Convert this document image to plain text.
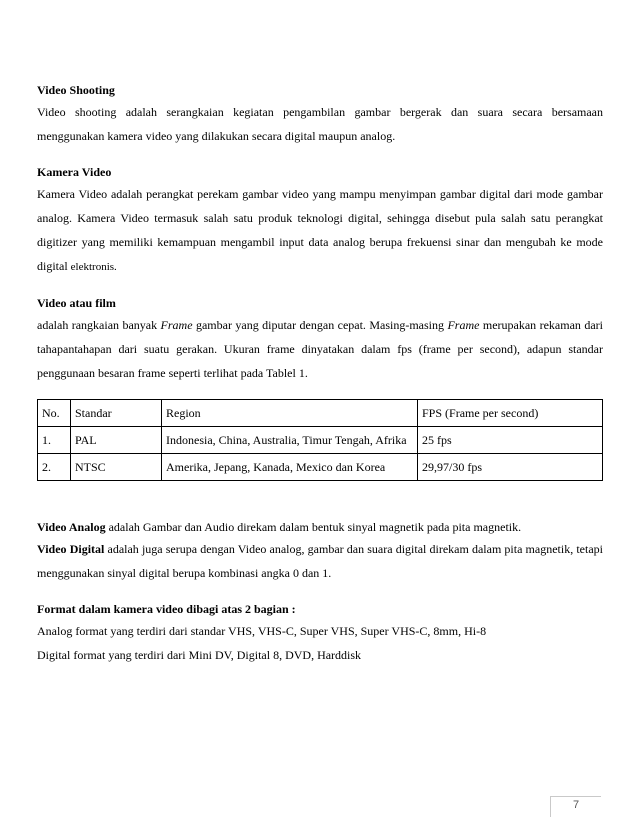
Video Shooting

Video shooting adalah serangkaian kegiatan pengambilan gambar bergerak dan suara secara bersamaan menggunakan kamera video yang dilakukan secara digital maupun analog.

Kamera Video

Kamera Video adalah perangkat perekam gambar video yang mampu menyimpan gambar digital dari mode gambar analog. Kamera Video termasuk salah satu produk teknologi digital, sehingga disebut pula salah satu perangkat digitizer yang memiliki kemampuan mengambil input data analog berupa frekuensi sinar dan mengubah ke mode digital elektronis.

Video atau film

adalah rangkaian banyak Frame gambar yang diputar dengan cepat. Masing-masing Frame merupakan rekaman dari tahapantahapan dari suatu gerakan. Ukuran frame dinyatakan dalam fps (frame per second), adapun standar penggunaan besaran frame seperti terlihat pada Tablel 1.

No.	Standar	Region	FPS (Frame per second)
1.	PAL	Indonesia, China, Australia, Timur Tengah, Afrika	25 fps
2.	NTSC	Amerika, Jepang, Kanada, Mexico dan Korea	29,97/30 fps

Video Analog adalah Gambar dan Audio direkam dalam bentuk sinyal magnetik pada pita magnetik.

Video Digital adalah juga serupa dengan Video analog, gambar dan suara digital direkam dalam pita magnetik, tetapi menggunakan sinyal digital berupa kombinasi angka 0 dan 1.

Format dalam kamera video dibagi atas 2 bagian :

Analog format yang terdiri dari standar VHS, VHS-C, Super VHS, Super VHS-C, 8mm, Hi-8

Digital format yang terdiri dari Mini DV, Digital 8, DVD, Harddisk

7
